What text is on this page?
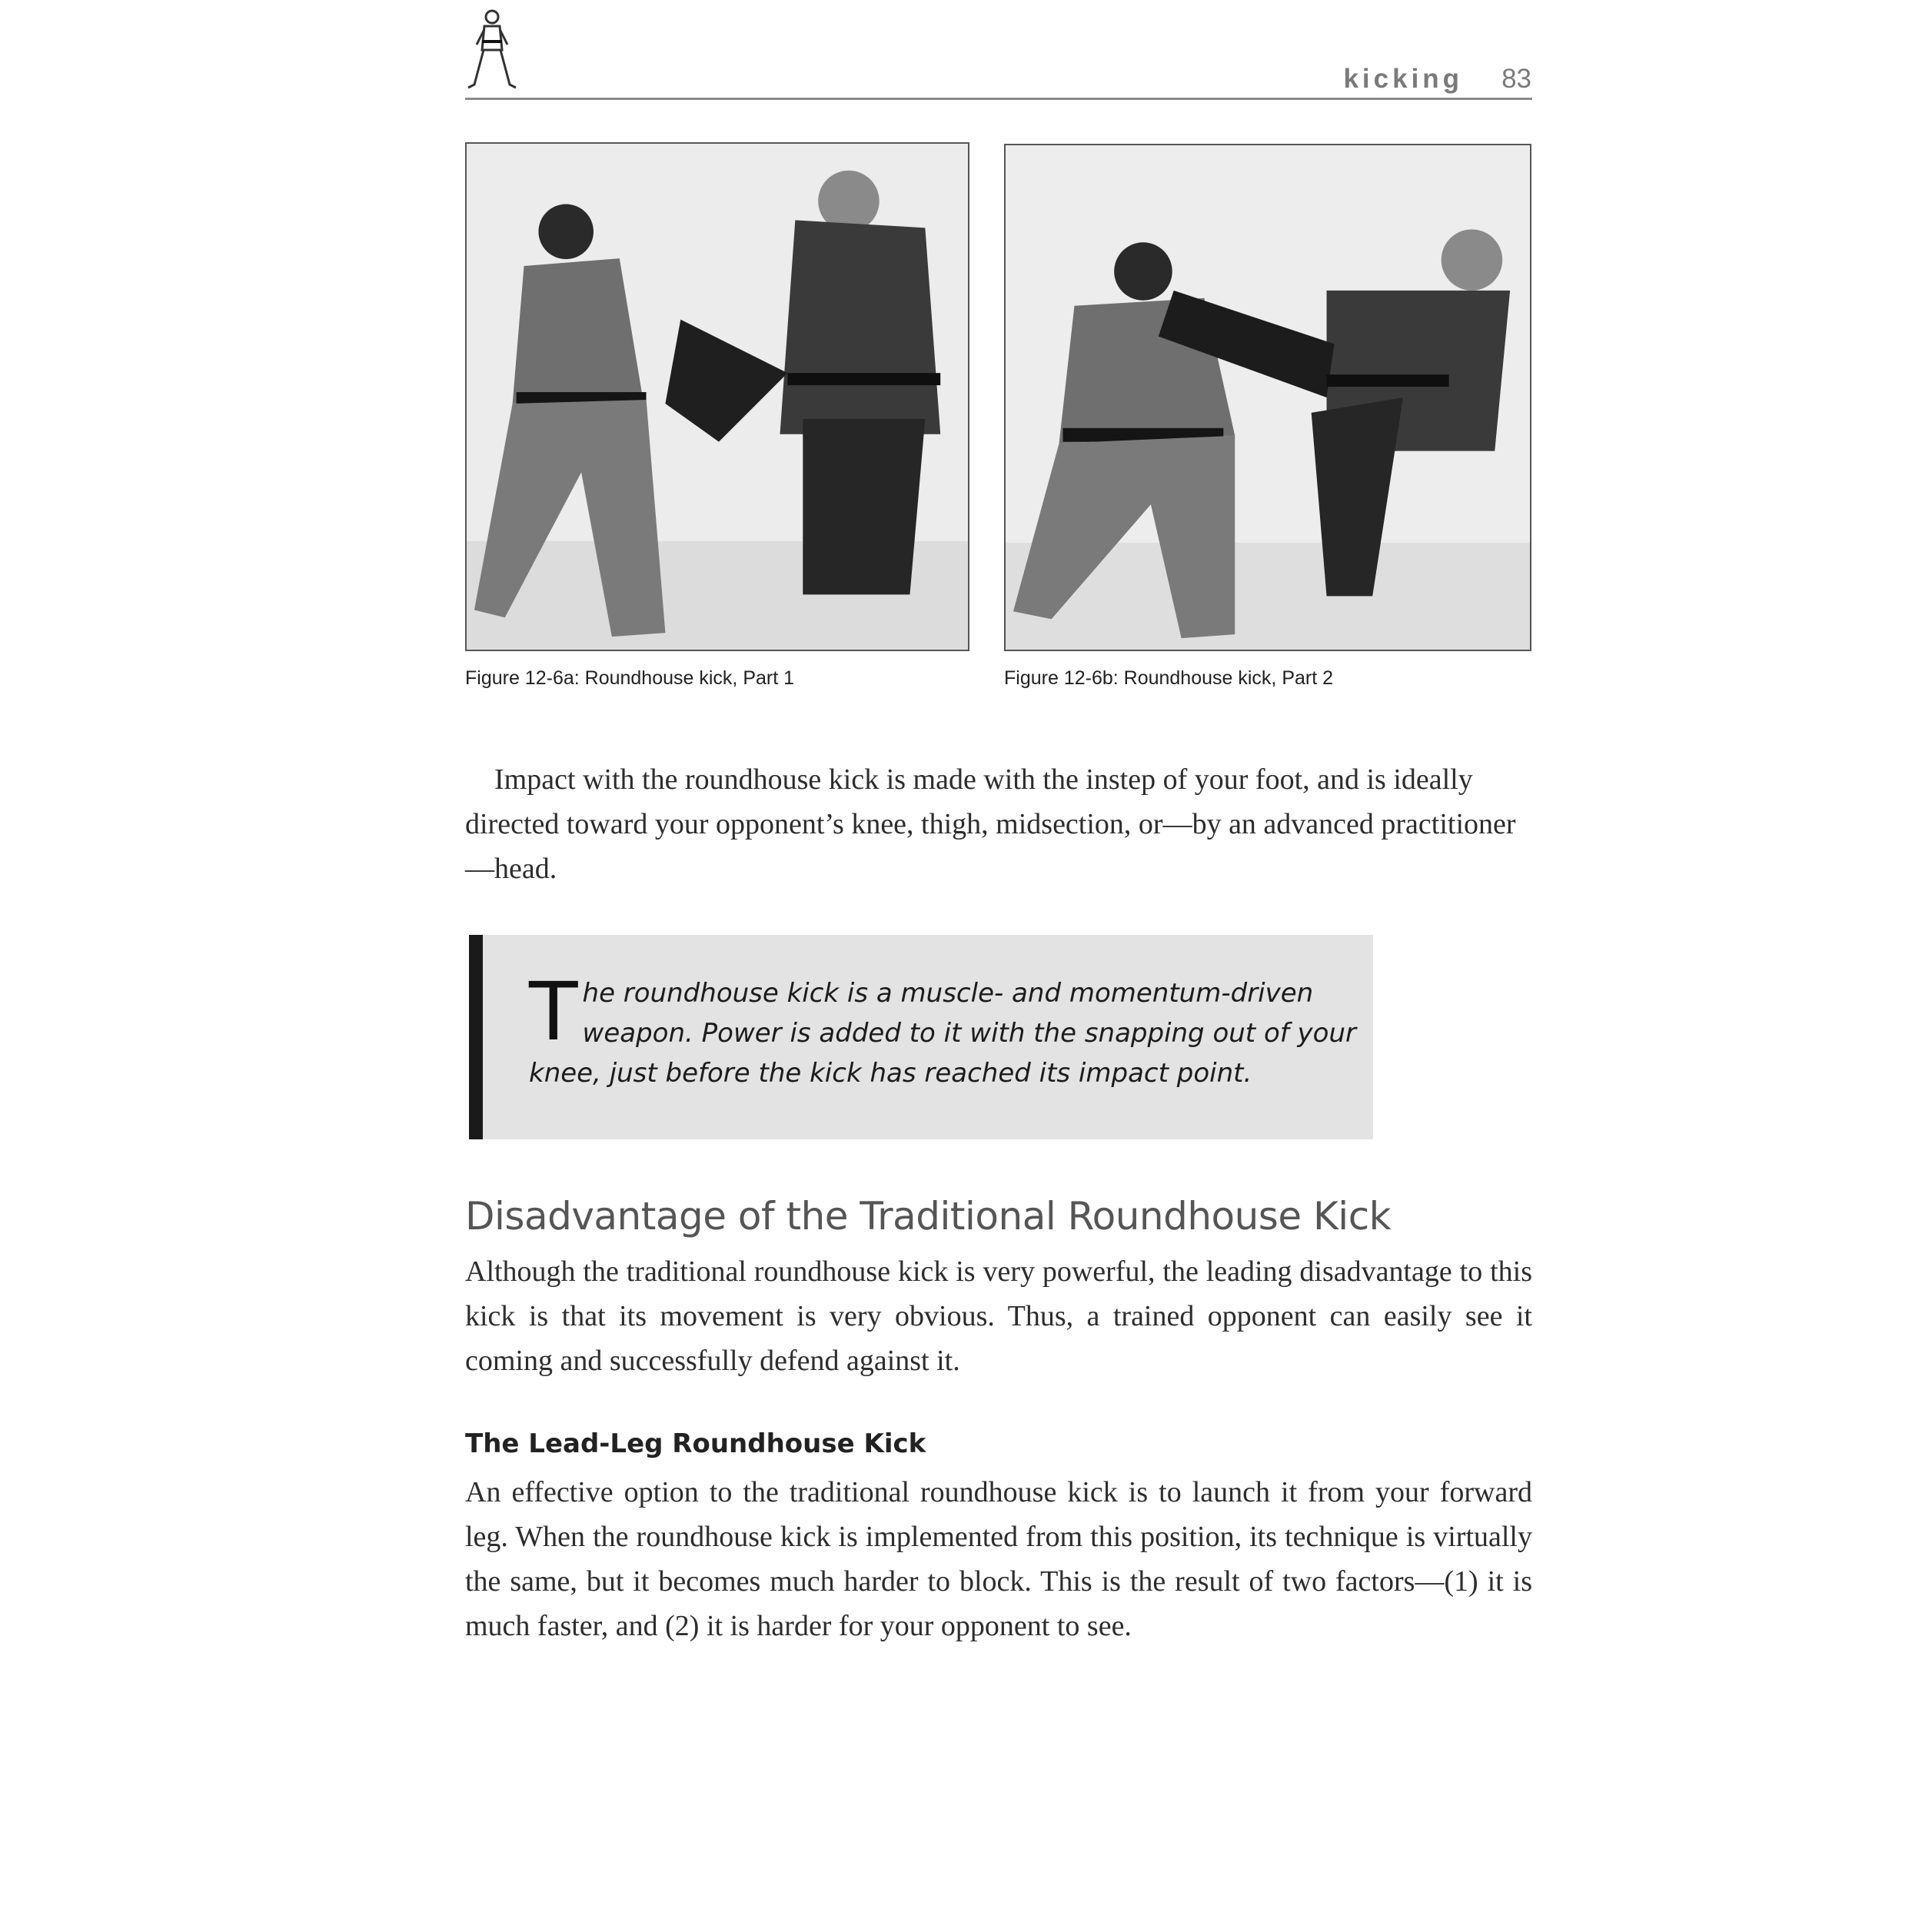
kicking 83
Figure 12-6a: Roundhouse kick, Part 1	Figure 12-6b: Roundhouse kick, Part 2

Impact with the roundhouse kick is made with the instep of your foot, and is ideally directed toward your opponent’s knee, thigh, midsection, or—by an advanced practitioner—head.

The roundhouse kick is a muscle- and momentum-driven weapon. Power is added to it with the snapping out of your knee, just before the kick has reached its impact point.

Disadvantage of the Traditional Roundhouse Kick

Although the traditional roundhouse kick is very powerful, the leading disadvantage to this kick is that its movement is very obvious. Thus, a trained opponent can easily see it coming and successfully defend against it.

The Lead-Leg Roundhouse Kick

An effective option to the traditional roundhouse kick is to launch it from your forward leg. When the roundhouse kick is implemented from this position, its technique is virtually the same, but it becomes much harder to block. This is the result of two factors—(1) it is much faster, and (2) it is harder for your opponent to see.
